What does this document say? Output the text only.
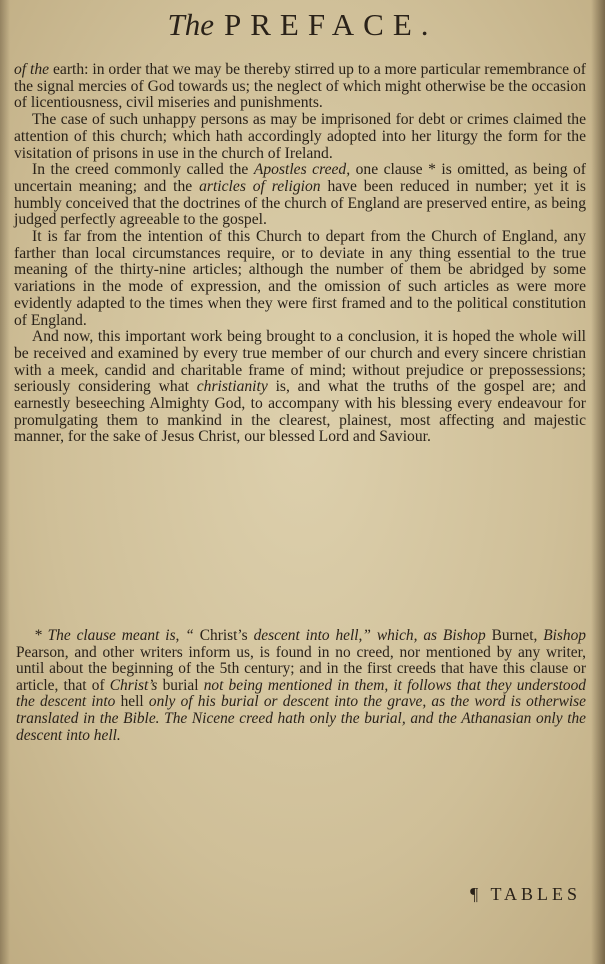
The PREFACE.

of the earth: in order that we may be thereby stirred up to a more particular remembrance of the signal mercies of God towards us; the neglect of which might otherwise be the occasion of licentiousness, civil miseries and punishments.

The case of such unhappy persons as may be imprisoned for debt or crimes claimed the attention of this church; which hath accordingly adopted into her liturgy the form for the visitation of prisons in use in the church of Ireland.

In the creed commonly called the Apostles creed, one clause * is omitted, as being of uncertain meaning; and the articles of religion have been reduced in number; yet it is humbly conceived that the doctrines of the church of England are preserved entire, as being judged perfectly agreeable to the gospel.

It is far from the intention of this Church to depart from the Church of England, any farther than local circumstances require, or to deviate in any thing essential to the true meaning of the thirty-nine articles; although the number of them be abridged by some variations in the mode of expression, and the omission of such articles as were more evidently adapted to the times when they were first framed and to the political constitution of England.

And now, this important work being brought to a conclusion, it is hoped the whole will be received and examined by every true member of our church and every sincere christian with a meek, candid and charitable frame of mind; without prejudice or prepossessions; seriously considering what christianity is, and what the truths of the gospel are; and earnestly beseeching Almighty God, to accompany with his blessing every endeavour for promulgating them to mankind in the clearest, plainest, most affecting and majestic manner, for the sake of Jesus Christ, our blessed Lord and Saviour.

* The clause meant is, “ Christ’s descent into hell,” which, as Bishop Burnet, Bishop Pearson, and other writers inform us, is found in no creed, nor mentioned by any writer, until about the beginning of the 5th century; and in the first creeds that have this clause or article, that of Christ’s burial not being mentioned in them, it follows that they understood the descent into hell only of his burial or descent into the grave, as the word is otherwise translated in the Bible. The Nicene creed hath only the burial, and the Athanasian only the descent into hell.

¶ TABLES
